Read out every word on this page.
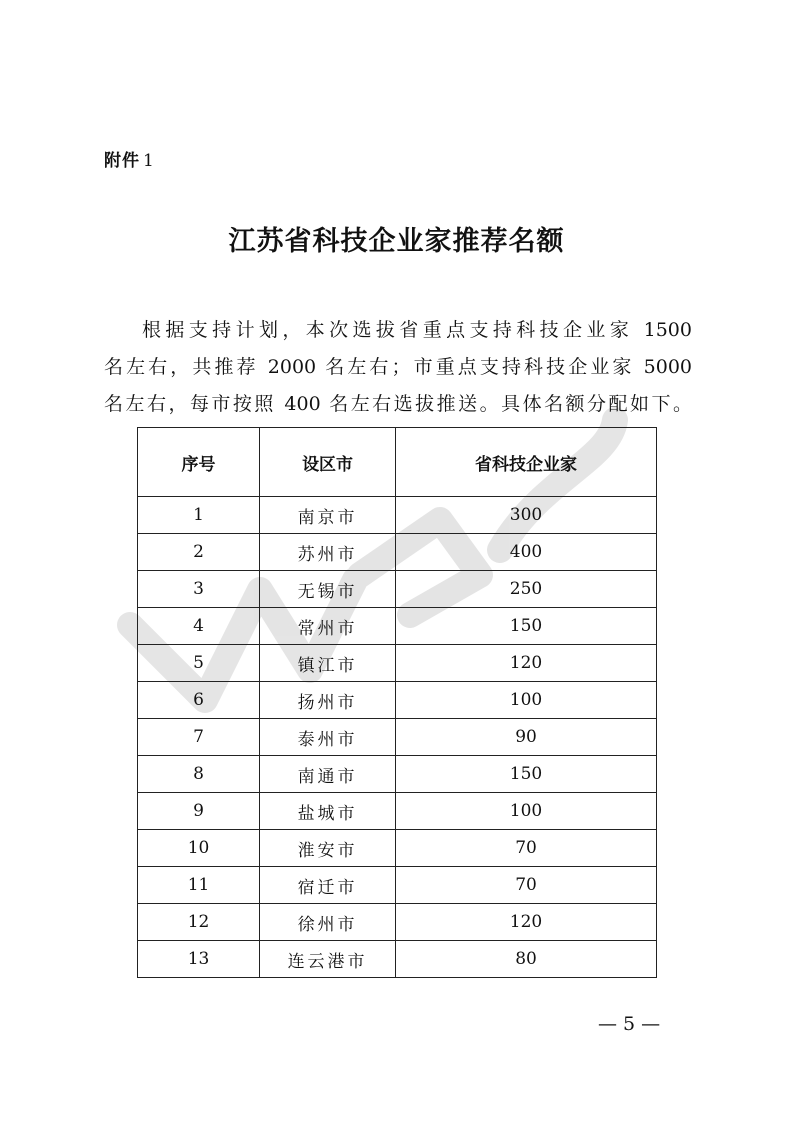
附件 1
江苏省科技企业家推荐名额
根据支持计划，本次选拔省重点支持科技企业家 1500
名左右，共推荐 2000 名左右；市重点支持科技企业家 5000
名左右，每市按照 400 名左右选拔推送。具体名额分配如下。
序号	设区市	省科技企业家
1	南京市	300
2	苏州市	400
3	无锡市	250
4	常州市	150
5	镇江市	120
6	扬州市	100
7	泰州市	90
8	南通市	150
9	盐城市	100
10	淮安市	70
11	宿迁市	70
12	徐州市	120
13	连云港市	80
— 5 —
